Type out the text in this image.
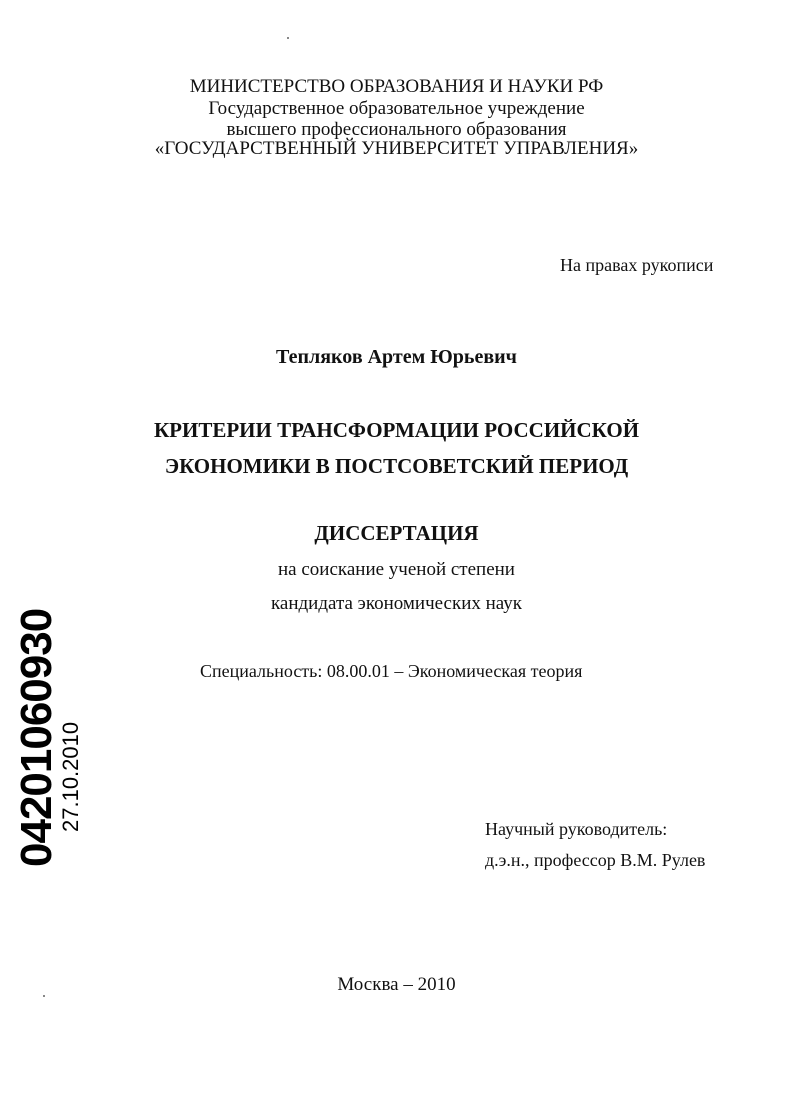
МИНИСТЕРСТВО ОБРАЗОВАНИЯ И НАУКИ РФ
Государственное образовательное учреждение
высшего профессионального образования
«ГОСУДАРСТВЕННЫЙ УНИВЕРСИТЕТ УПРАВЛЕНИЯ»
На правах рукописи
Тепляков Артем Юрьевич
КРИТЕРИИ ТРАНСФОРМАЦИИ РОССИЙСКОЙ
ЭКОНОМИКИ В ПОСТСОВЕТСКИЙ ПЕРИОД
ДИССЕРТАЦИЯ
на соискание ученой степени
кандидата экономических наук
Специальность: 08.00.01 – Экономическая теория
Научный руководитель:
д.э.н., профессор В.М. Рулев
Москва – 2010
04201060930
27.10.2010
